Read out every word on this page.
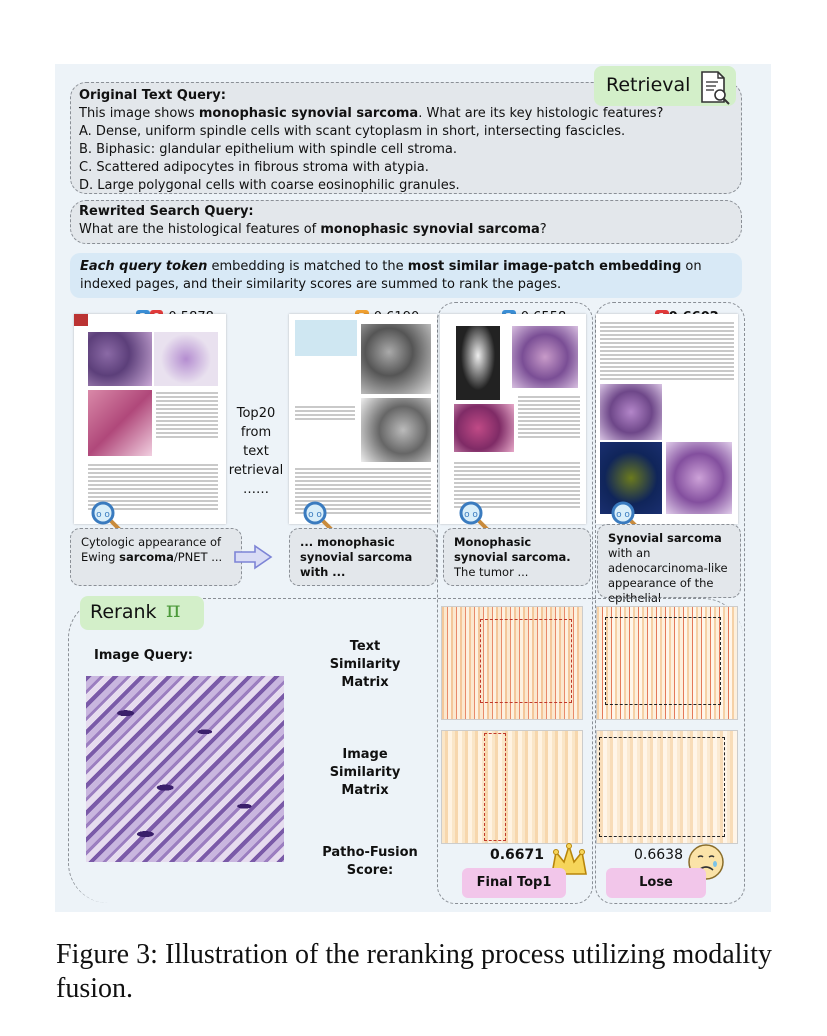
Original Text Query:
This image shows monophasic synovial sarcoma. What are its key histologic features?
A. Dense, uniform spindle cells with scant cytoplasm in short, intersecting fascicles.
B. Biphasic: glandular epithelium with spindle cell stroma.
C. Scattered adipocytes in fibrous stroma with atypia.
D. Large polygonal cells with coarse eosinophilic granules.
Retrieval
Rewrited Search Query:
What are the histological features of monophasic synovial sarcoma?
Each query token embedding is matched to the most similar image-patch embedding on indexed pages, and their similarity scores are summed to rank the pages.
o o	o o	o o	o o
Top20
from
text
retrieval
……
Cytologic appearance of Ewing sarcoma/PNET ...
... monophasic synovial sarcoma with ...
Monophasic synovial sarcoma. The tumor ...
Synovial sarcoma with an adenocarcinoma-like appearance of the epithelial
Rerank π
Image Query:
Text
Similarity
Matrix
Image
Similarity
Matrix
Patho-Fusion
Score:
0.6671
Final Top1
0.6638
Lose
Figure 3: Illustration of the reranking process utilizing modality fusion.
